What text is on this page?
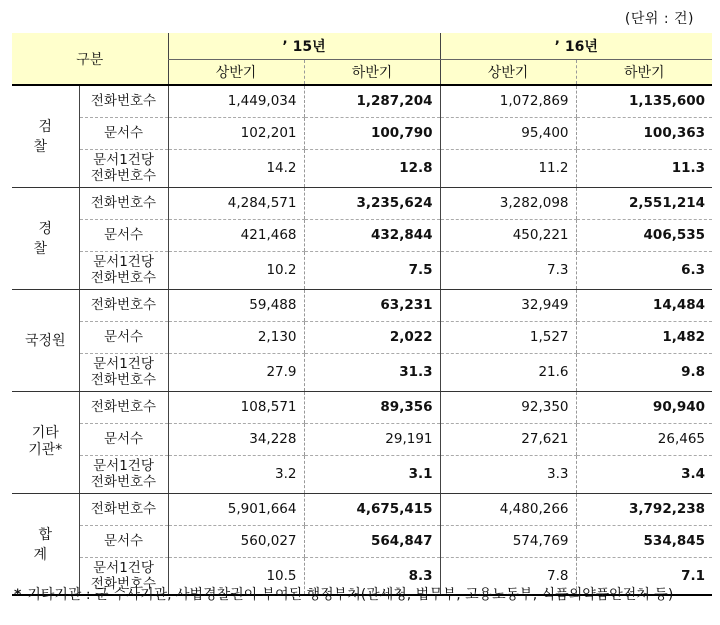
(단위 : 건)
구분		’ 15년		’ 16년	
		상반기	하반기	상반기	하반기
검 찰	전화번호수	1,449,034	1,287,204	1,072,869	1,135,600
	문서수	102,201	100,790	95,400	100,363
	문서1건당
전화번호수	14.2	12.8	11.2	11.3
경 찰	전화번호수	4,284,571	3,235,624	3,282,098	2,551,214
	문서수	421,468	432,844	450,221	406,535
	문서1건당
전화번호수	10.2	7.5	7.3	6.3
국정원	전화번호수	59,488	63,231	32,949	14,484
	문서수	2,130	2,022	1,527	1,482
	문서1건당
전화번호수	27.9	31.3	21.6	9.8
기타
기관*	전화번호수	108,571	89,356	92,350	90,940
	문서수	34,228	29,191	27,621	26,465
	문서1건당
전화번호수	3.2	3.1	3.3	3.4
합 계	전화번호수	5,901,664	4,675,415	4,480,266	3,792,238
	문서수	560,027	564,847	574,769	534,845
	문서1건당
전화번호수	10.5	8.3	7.8	7.1
* 기타기관 : 군 수사기관, 사법경찰권이 부여된 행정부처(관세청, 법무부, 고용노동부, 식품의약품안전처 등)
